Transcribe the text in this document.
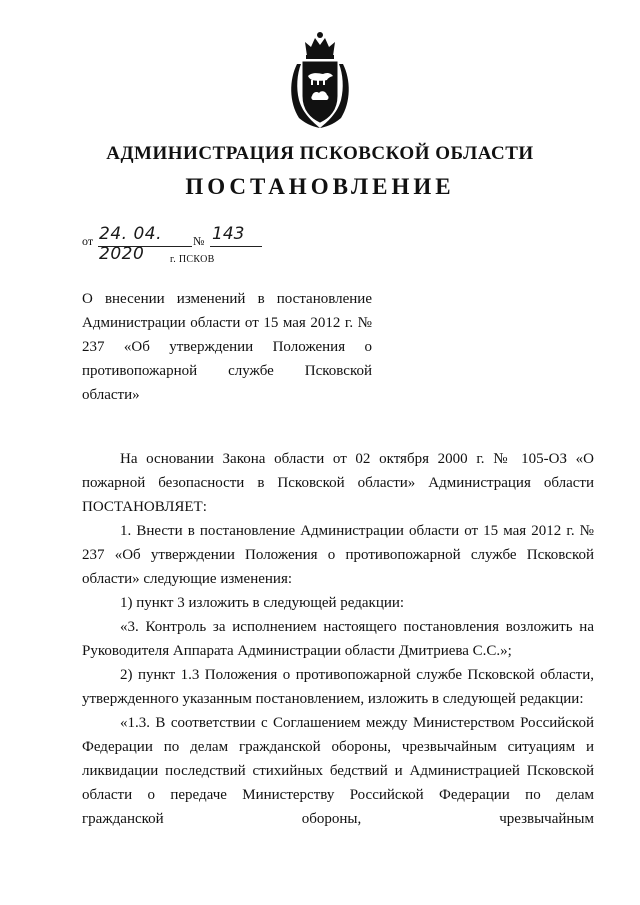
АДМИНИСТРАЦИЯ ПСКОВСКОЙ ОБЛАСТИ
ПОСТАНОВЛЕНИЕ
от 24. 04. 2020
№ 143
г. ПСКОВ
О внесении изменений в постановление Администрации области от 15 мая 2012 г. № 237 «Об утверждении Положения о противопожарной службе Псковской области»

На основании Закона области от 02 октября 2000 г. № 105-ОЗ «О пожарной безопасности в Псковской области» Администрация области ПОСТАНОВЛЯЕТ:

1. Внести в постановление Администрации области от 15 мая 2012 г. № 237 «Об утверждении Положения о противопожарной службе Псковской области» следующие изменения:

1) пункт 3 изложить в следующей редакции:

«3. Контроль за исполнением настоящего постановления возложить на Руководителя Аппарата Администрации области Дмитриева С.С.»;

2) пункт 1.3 Положения о противопожарной службе Псковской области, утвержденного указанным постановлением, изложить в следующей редакции:

«1.3. В соответствии с Соглашением между Министерством Российской Федерации по делам гражданской обороны, чрезвычайным ситуациям и ликвидации последствий стихийных бедствий и Администрацией Псковской области о передаче Министерству Российской Федерации по делам гражданской обороны, чрезвычайным
